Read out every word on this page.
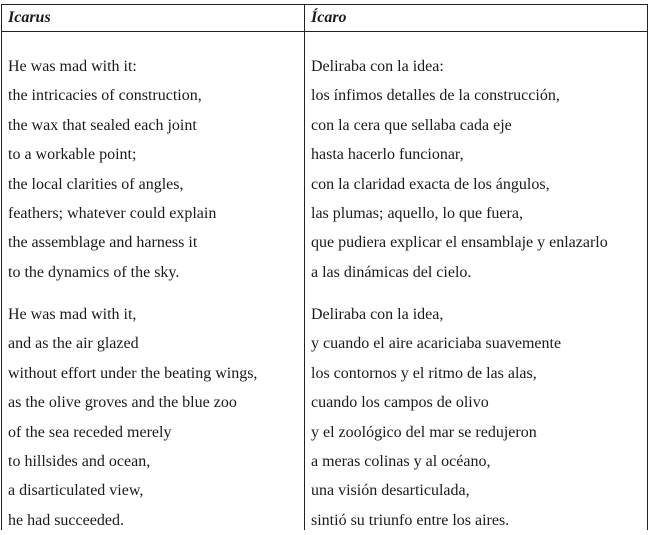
Icarus	Ícaro
He was mad with it:
the intricacies of construction,
the wax that sealed each joint
to a workable point;
the local clarities of angles,
feathers; whatever could explain
the assemblage and harness it
to the dynamics of the sky.
Deliraba con la idea:
los ínfimos detalles de la construcción,
con la cera que sellaba cada eje
hasta hacerlo funcionar,
con la claridad exacta de los ángulos,
las plumas; aquello, lo que fuera,
que pudiera explicar el ensamblaje y enlazarlo
a las dinámicas del cielo.
He was mad with it,
and as the air glazed
without effort under the beating wings,
as the olive groves and the blue zoo
of the sea receded merely
to hillsides and ocean,
a disarticulated view,
he had succeeded.
Deliraba con la idea,
y cuando el aire acariciaba suavemente
los contornos y el ritmo de las alas,
cuando los campos de olivo
y el zoológico del mar se redujeron
a meras colinas y al océano,
una visión desarticulada,
sintió su triunfo entre los aires.
